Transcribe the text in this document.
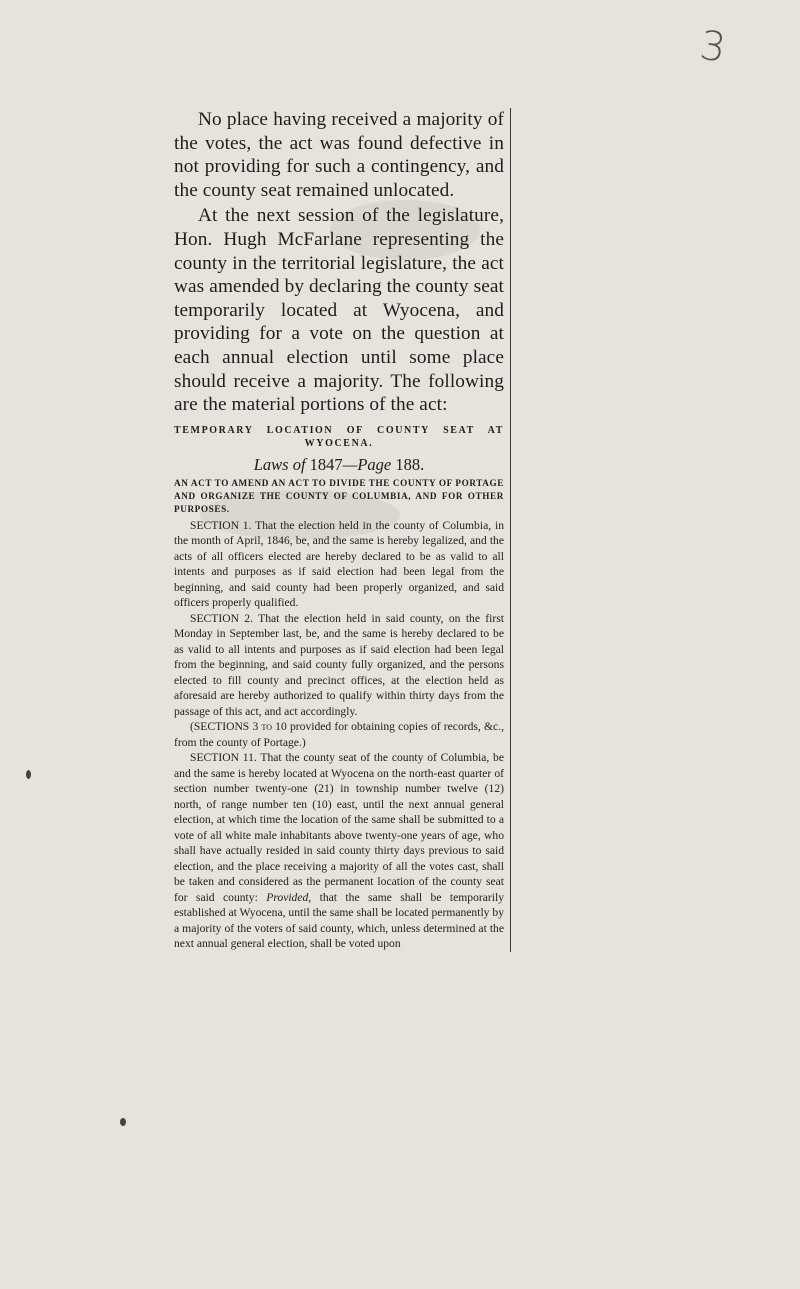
3

No place having received a majority of the votes, the act was found defective in not providing for such a contingency, and the county seat remained unlocated.

At the next session of the legislature, Hon. Hugh McFarlane representing the county in the territorial legislature, the act was amended by declaring the county seat temporarily located at Wyocena, and providing for a vote on the question at each annual election until some place should receive a majority. The following are the material portions of the act:

TEMPORARY LOCATION OF COUNTY SEAT AT

WYOCENA.

Laws of 1847—Page 188.

AN ACT TO AMEND AN ACT TO DIVIDE THE COUNTY OF PORTAGE AND ORGANIZE THE COUNTY OF COLUMBIA, AND FOR OTHER PURPOSES.

SECTION 1. That the election held in the county of Columbia, in the month of April, 1846, be, and the same is hereby legalized, and the acts of all officers elected are hereby declared to be as valid to all intents and purposes as if said election had been legal from the beginning, and said county had been properly organized, and said officers properly qualified.

SECTION 2. That the election held in said county, on the first Monday in September last, be, and the same is hereby declared to be as valid to all intents and purposes as if said election had been legal from the beginning, and said county fully organized, and the persons elected to fill county and precinct offices, at the election held as aforesaid are hereby authorized to qualify within thirty days from the passage of this act, and act accordingly.

(SECTIONS 3 to 10 provided for obtaining copies of records, &c., from the county of Portage.)

SECTION 11. That the county seat of the county of Columbia, be and the same is hereby located at Wyocena on the north-east quarter of section number twenty-one (21) in township number twelve (12) north, of range number ten (10) east, until the next annual general election, at which time the location of the same shall be submitted to a vote of all white male inhabitants above twenty-one years of age, who shall have actually resided in said county thirty days previous to said election, and the place receiving a majority of all the votes cast, shall be taken and considered as the permanent location of the county seat for said county: Provided, that the same shall be temporarily established at Wyocena, until the same shall be located permanently by a majority of the voters of said county, which, unless determined at the next annual general election, shall be voted upon
